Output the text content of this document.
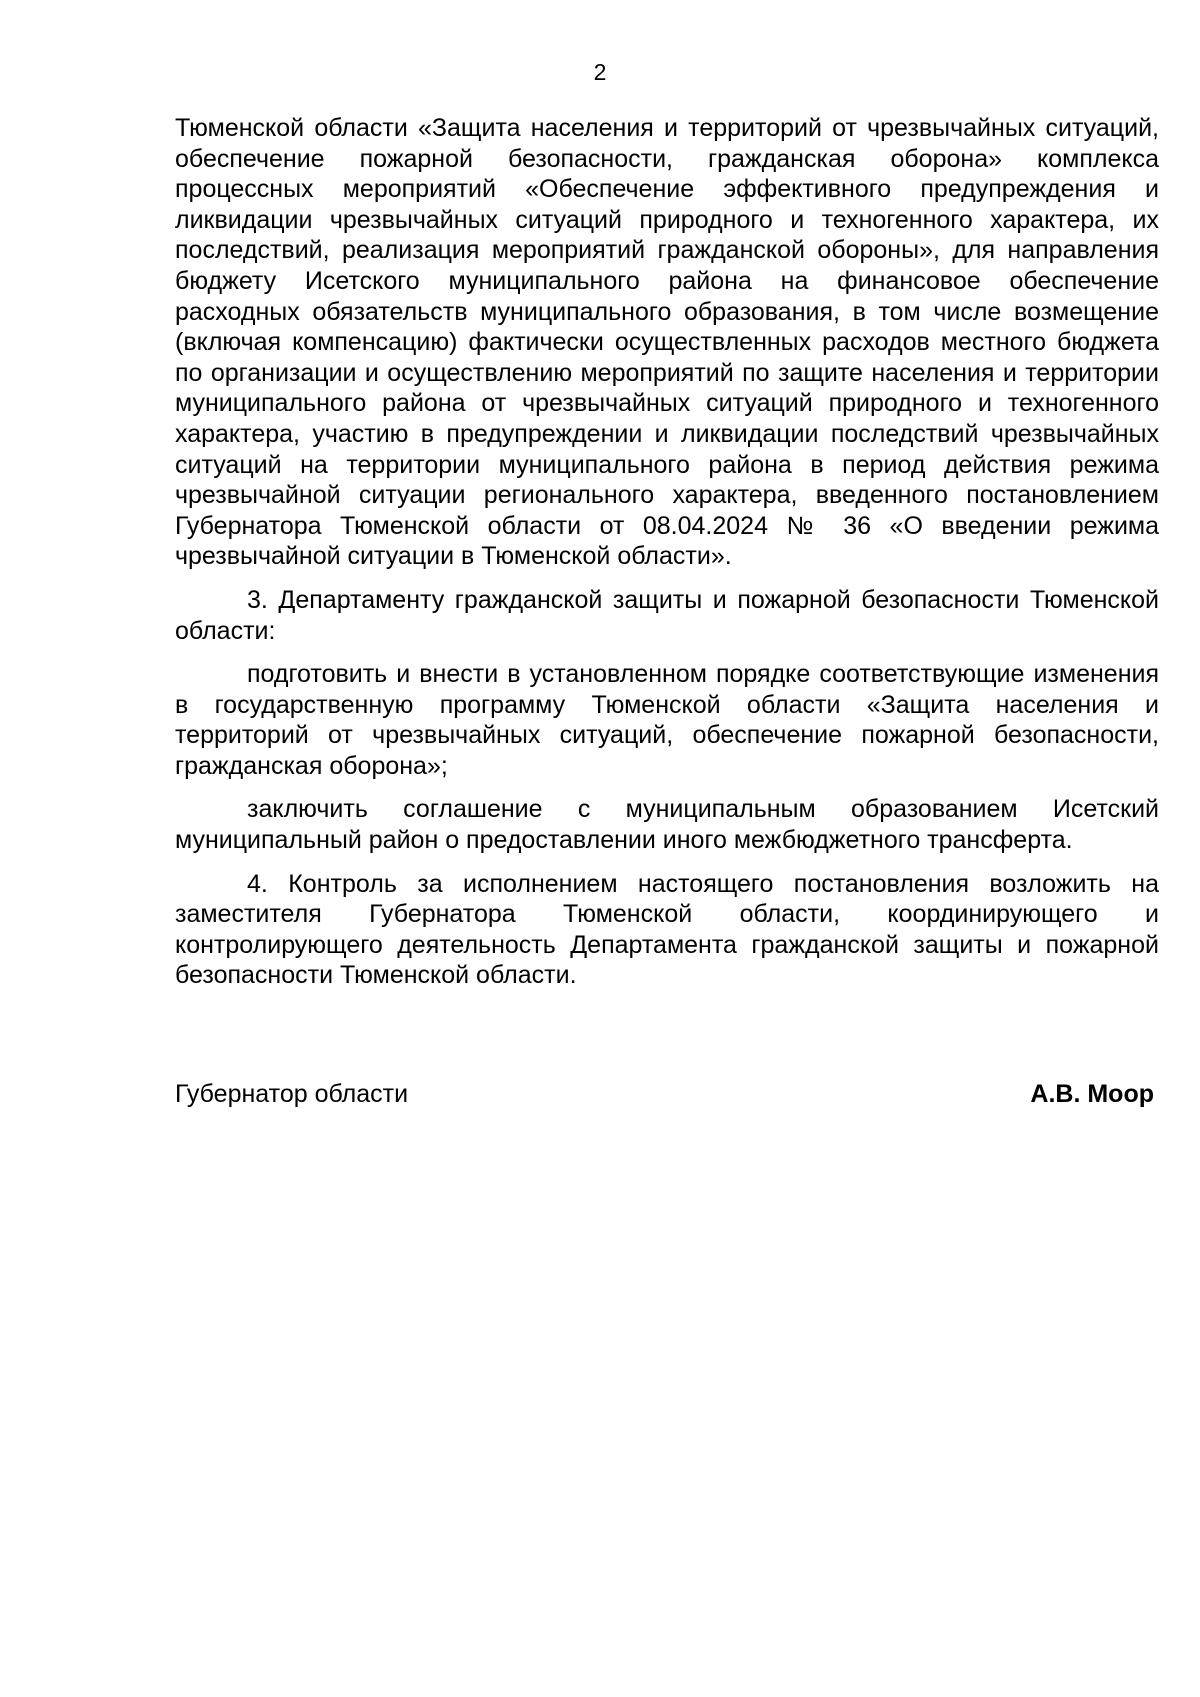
2

Тюменской области «Защита населения и территорий от чрезвычайных ситуаций, обеспечение пожарной безопасности, гражданская оборона» комплекса процессных мероприятий «Обеспечение эффективного предупреждения и ликвидации чрезвычайных ситуаций природного и техногенного характера, их последствий, реализация мероприятий гражданской обороны», для направления бюджету Исетского муниципального района на финансовое обеспечение расходных обязательств муниципального образования, в том числе возмещение (включая компенсацию) фактически осуществленных расходов местного бюджета по организации и осуществлению мероприятий по защите населения и территории муниципального района от чрезвычайных ситуаций природного и техногенного характера, участию в предупреждении и ликвидации последствий чрезвычайных ситуаций на территории муниципального района в период действия режима чрезвычайной ситуации регионального характера, введенного постановлением Губернатора Тюменской области от 08.04.2024 № 36 «О введении режима чрезвычайной ситуации в Тюменской области».

3. Департаменту гражданской защиты и пожарной безопасности Тюменской области:

подготовить и внести в установленном порядке соответствующие изменения в государственную программу Тюменской области «Защита населения и территорий от чрезвычайных ситуаций, обеспечение пожарной безопасности, гражданская оборона»;

заключить соглашение с муниципальным образованием Исетский муниципальный район о предоставлении иного межбюджетного трансферта.

4. Контроль за исполнением настоящего постановления возложить на заместителя Губернатора Тюменской области, координирующего и контролирующего деятельность Департамента гражданской защиты и пожарной безопасности Тюменской области.

Губернатор области	А.В. Моор
